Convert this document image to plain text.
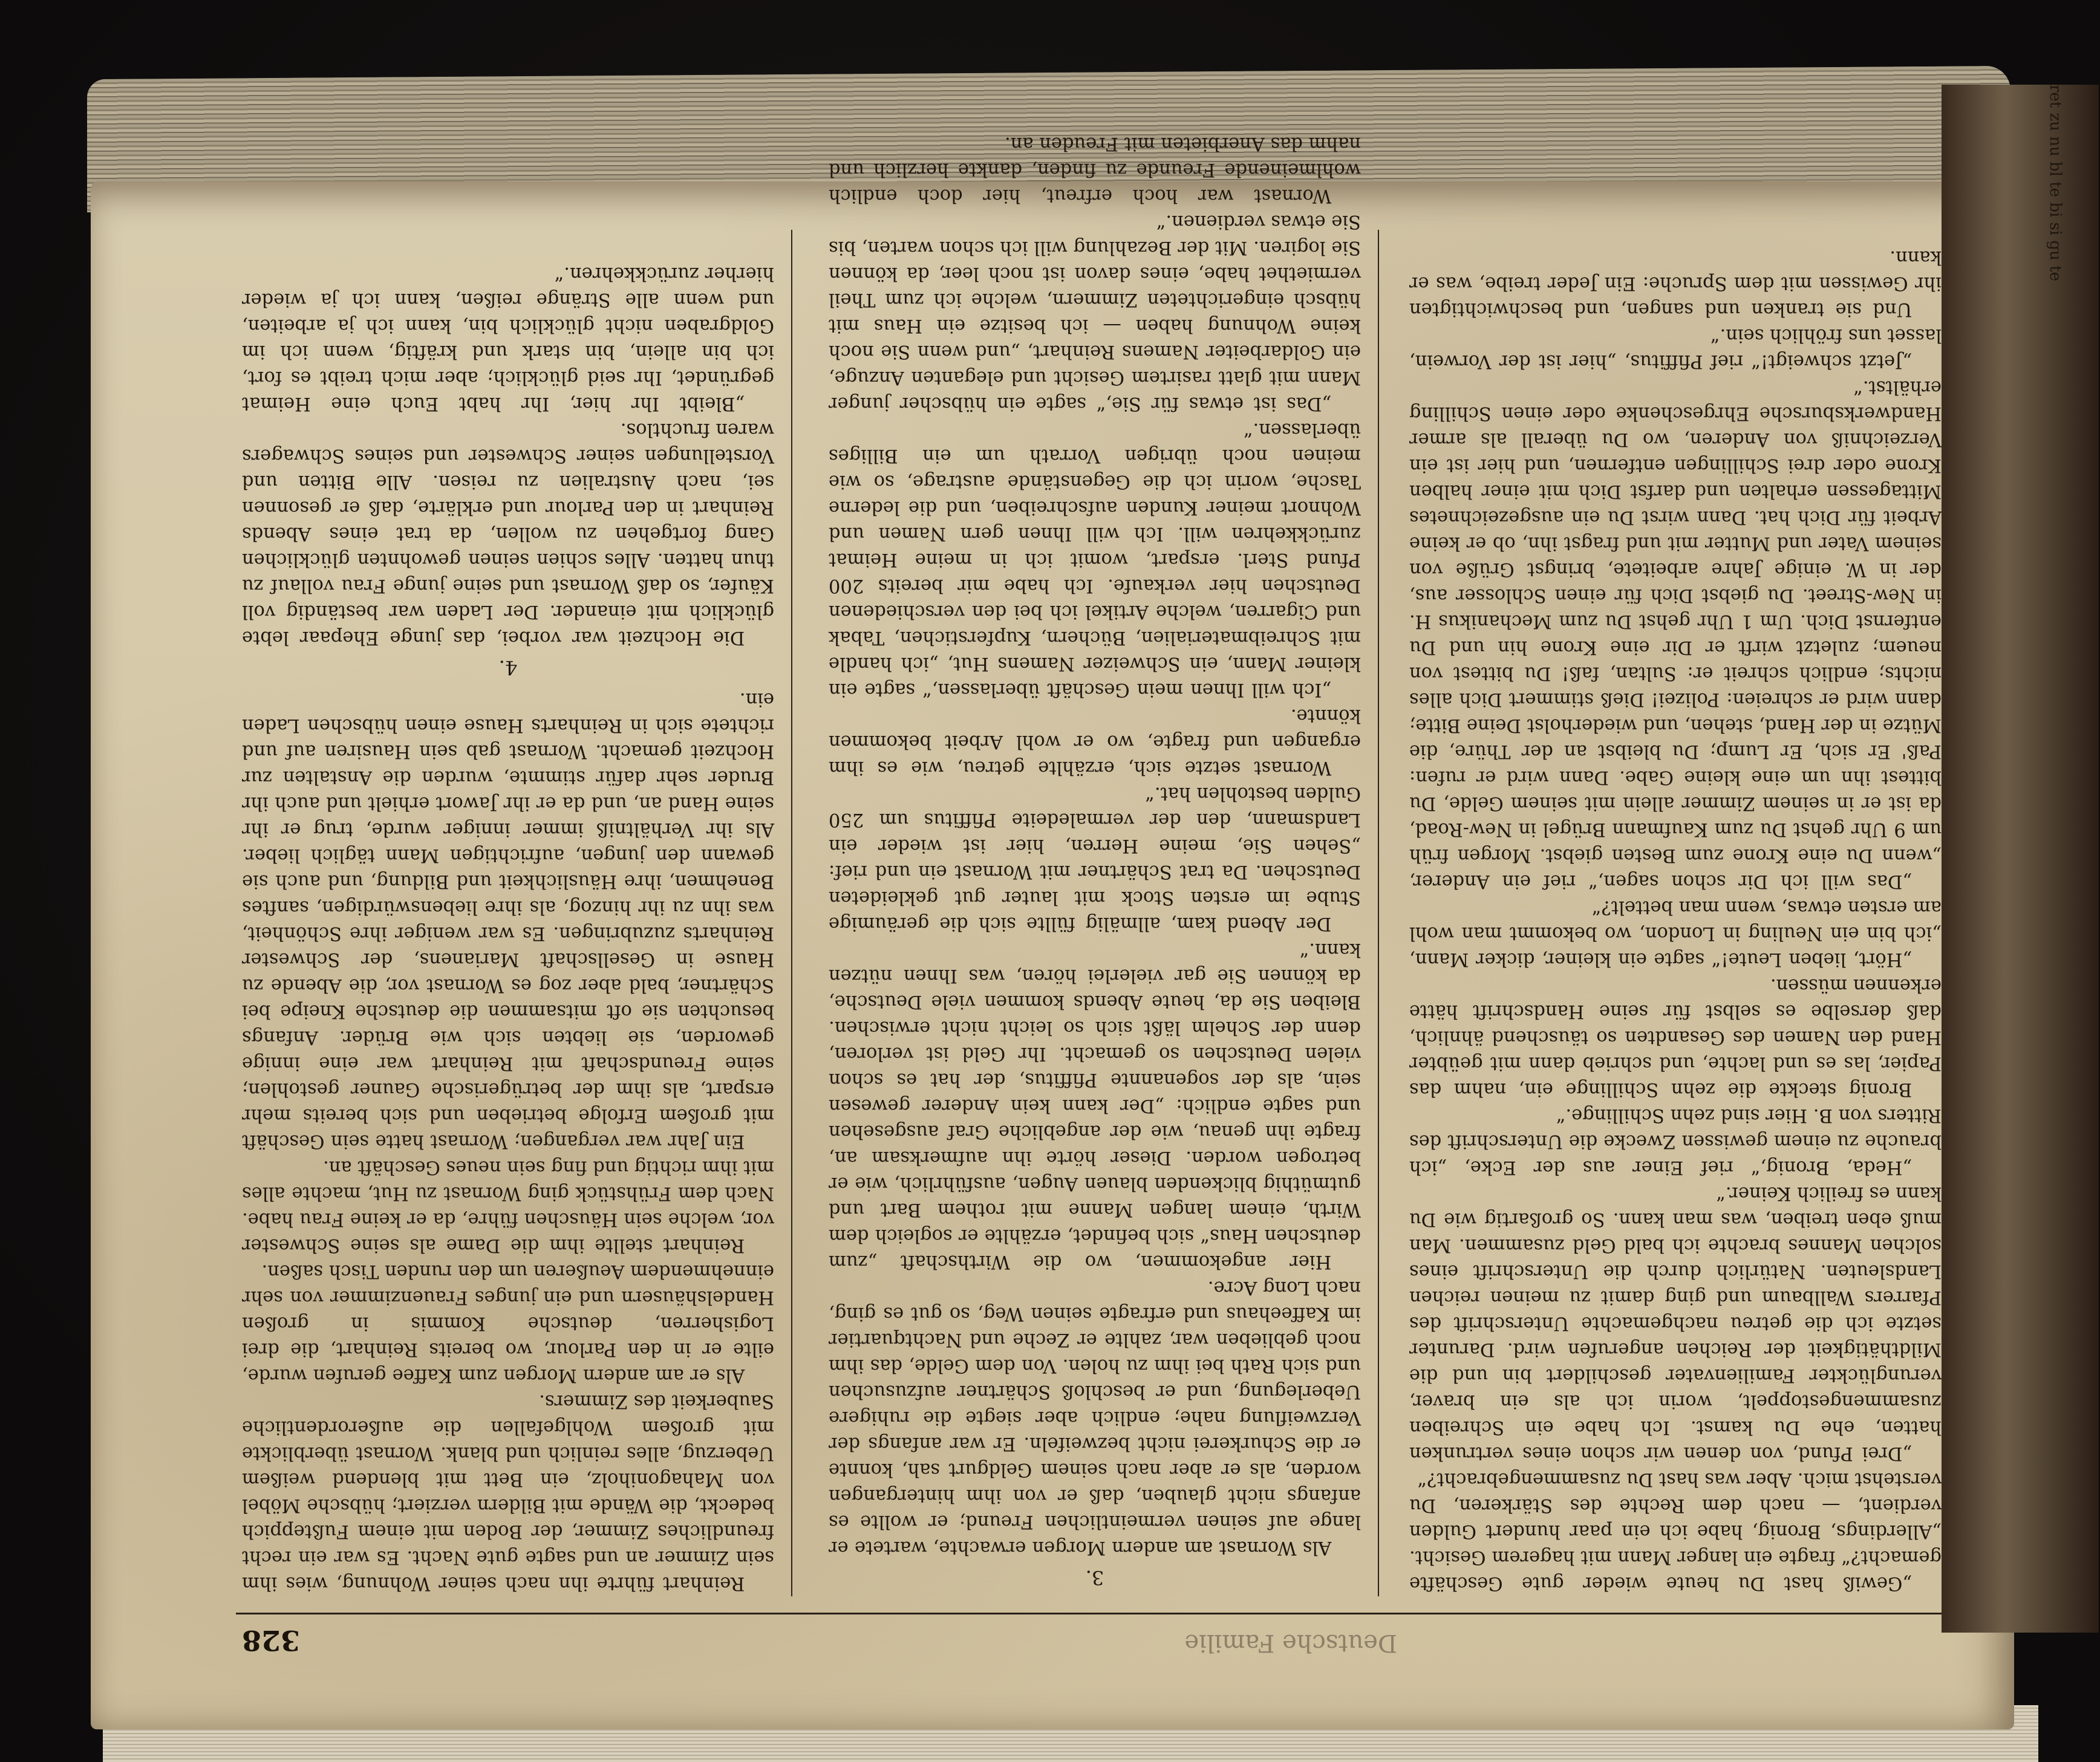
328	Deutsche Familie

„Gewiß hast Du heute wieder gute Geschäfte gemacht?“ fragte ein langer Mann mit hagerem Gesicht. „Allerdings, Bronig, habe ich ein paar hundert Gulden verdient, — nach dem Rechte des Stärkeren, Du verstehst mich. Aber was hast Du zusammengebracht?“

„Drei Pfund, von denen wir schon eines vertrunken hatten, ehe Du kamst. Ich habe ein Schreiben zusammengestoppelt, worin ich als ein braver, verunglückter Familienvater geschildert bin und die Mildthätigkeit der Reichen angerufen wird. Darunter setzte ich die getreu nachgemachte Unterschrift des Pfarrers Wallbaum und ging damit zu meinen reichen Landsleuten. Natürlich durch die Unterschrift eines solchen Mannes brachte ich bald Geld zusammen. Man muß eben treiben, was man kann. So großartig wie Du kann es freilich Keiner.“

„Heda, Bronig,“ rief Einer aus der Ecke, „ich brauche zu einem gewissen Zwecke die Unterschrift des Ritters von B. Hier sind zehn Schillinge.“

Bronig steckte die zehn Schillinge ein, nahm das Papier, las es und lachte, und schrieb dann mit geübter Hand den Namen des Gesandten so täuschend ähnlich, daß derselbe es selbst für seine Handschrift hätte erkennen müssen.

„Hört, lieben Leute!“ sagte ein kleiner, dicker Mann, „ich bin ein Neuling in London, wo bekommt man wohl am ersten etwas, wenn man bettelt?“

„Das will ich Dir schon sagen,“ rief ein Anderer, „wenn Du eine Krone zum Besten giebst. Morgen früh um 9 Uhr gehst Du zum Kaufmann Brügel in New-Road, da ist er in seinem Zimmer allein mit seinem Gelde, Du bittest ihn um eine kleine Gabe. Dann wird er rufen: Paß' Er sich, Er Lump; Du bleibst an der Thüre, die Mütze in der Hand, stehen, und wiederholst Deine Bitte; dann wird er schreien: Polizei! Dieß stimmert Dich alles nichts; endlich schreit er: Sultan, faß! Du bittest von neuem; zuletzt wirft er Dir eine Krone hin und Du entfernst Dich. Um 1 Uhr gehst Du zum Mechanikus H. in New-Street. Du giebst Dich für einen Schlosser aus, der in W. einige Jahre arbeitete, bringst Grüße von seinem Vater und Mutter mit und fragst ihn, ob er keine Arbeit für Dich hat. Dann wirst Du ein ausgezeichnetes Mittagessen erhalten und darfst Dich mit einer halben Krone oder drei Schillingen entfernen, und hier ist ein Verzeichniß von Anderen, wo Du überall als armer Handwerksbursche Ehrgeschenke oder einen Schilling erhältst.“

„Jetzt schweigt!“ rief Pfiffitus, „hier ist der Vorwein, lasset uns fröhlich sein.“

Und sie tranken und sangen, und beschwichtigten ihr Gewissen mit dem Spruche: Ein Jeder treibe, was er kann.

3.

Als Wornast am andern Morgen erwachte, wartete er lange auf seinen vermeintlichen Freund; er wollte es anfangs nicht glauben, daß er von ihm hintergangen worden, als er aber nach seinem Geldgurt sah, konnte er die Schurkerei nicht bezweifeln. Er war anfangs der Verzweiflung nahe; endlich aber siegte die ruhigere Ueberlegung, und er beschloß Schärtner aufzusuchen und sich Rath bei ihm zu holen. Von dem Gelde, das ihm noch geblieben war, zahlte er Zeche und Nachtquartier im Kaffeehaus und erfragte seinen Weg, so gut es ging, nach Long Acre.

Hier angekommen, wo die Wirthschaft „zum deutschen Haus“ sich befindet, erzählte er sogleich dem Wirth, einem langen Manne mit rothem Bart und gutmüthig blickenden blauen Augen, ausführlich, wie er betrogen worden. Dieser hörte ihn aufmerksam an, fragte ihn genau, wie der angebliche Graf ausgesehen und sagte endlich: „Der kann kein Anderer gewesen sein, als der sogenannte Pfiffitus, der hat es schon vielen Deutschen so gemacht. Ihr Geld ist verloren, denn der Schelm läßt sich so leicht nicht erwischen. Bleiben Sie da, heute Abends kommen viele Deutsche, da können Sie gar vielerlei hören, was Ihnen nützen kann.“

Der Abend kam, allmälig füllte sich die geräumige Stube im ersten Stock mit lauter gut gekleideten Deutschen. Da trat Schärtner mit Wornast ein und rief: „Sehen Sie, meine Herren, hier ist wieder ein Landsmann, den der vermaledeite Pfiffitus um 250 Gulden bestohlen hat.“

Wornast setzte sich, erzählte getreu, wie es ihm ergangen und fragte, wo er wohl Arbeit bekommen könnte.

„Ich will Ihnen mein Geschäft überlassen,“ sagte ein kleiner Mann, ein Schweizer Namens Hut, „ich handle mit Schreibmaterialien, Büchern, Kupferstichen, Tabak und Cigarren, welche Artikel ich bei den verschiedenen Deutschen hier verkaufe. Ich habe mir bereits 200 Pfund Sterl. erspart, womit ich in meine Heimat zurückkehren will. Ich will Ihnen gern Namen und Wohnort meiner Kunden aufschreiben, und die lederne Tasche, worin ich die Gegenstände austrage, so wie meinen noch übrigen Vorrath um ein Billiges überlassen.“

„Das ist etwas für Sie,“ sagte ein hübscher junger Mann mit glatt rasirtem Gesicht und eleganten Anzuge, ein Goldarbeiter Namens Reinhart, „und wenn Sie noch keine Wohnung haben — ich besitze ein Haus mit hübsch eingerichteten Zimmern, welche ich zum Theil vermiethet habe, eines davon ist noch leer, da können Sie logiren. Mit der Bezahlung will ich schon warten, bis Sie etwas verdienen.“

Wornast war hoch erfreut, hier doch endlich wohlmeinende Freunde zu finden, dankte herzlich und nahm das Anerbieten mit Freuden an.

Reinhart führte ihn nach seiner Wohnung, wies ihm sein Zimmer an und sagte gute Nacht. Es war ein recht freundliches Zimmer, der Boden mit einem Fußteppich bedeckt, die Wände mit Bildern verziert; hübsche Möbel von Mahagoniholz, ein Bett mit blendend weißem Ueberzug, alles reinlich und blank. Wornast überblickte mit großem Wohlgefallen die außerordentliche Sauberkeit des Zimmers.

Als er am andern Morgen zum Kaffee gerufen wurde, eilte er in den Parlour, wo bereits Reinhart, die drei Logisherren, deutsche Kommis in großen Handelshäusern und ein junges Frauenzimmer von sehr einnehmendem Aeußeren um den runden Tisch saßen.

Reinhart stellte ihm die Dame als seine Schwester vor, welche sein Häuschen führe, da er keine Frau habe. Nach dem Frühstück ging Wornast zu Hut, machte alles mit ihm richtig und fing sein neues Geschäft an.

Ein Jahr war vergangen; Wornast hatte sein Geschäft mit großem Erfolge betrieben und sich bereits mehr erspart, als ihm der betrügerische Gauner gestohlen; seine Freundschaft mit Reinhart war eine innige geworden, sie liebten sich wie Brüder. Anfangs besuchten sie oft mitsammen die deutsche Kneipe bei Schärtner, bald aber zog es Wornast vor, die Abende zu Hause in Gesellschaft Marianens, der Schwester Reinharts zuzubringen. Es war weniger ihre Schönheit, was ihn zu ihr hinzog, als ihre liebenswürdigen, sanftes Benehmen, ihre Häuslichkeit und Bildung, und auch sie gewann den jungen, aufrichtigen Mann täglich lieber. Als ihr Verhältniß immer inniger wurde, trug er ihr seine Hand an, und da er ihr Jawort erhielt und auch ihr Bruder sehr dafür stimmte, wurden die Anstalten zur Hochzeit gemacht. Wornast gab sein Hausiren auf und richtete sich in Reinharts Hause einen hübschen Laden ein.

4.

Die Hochzeit war vorbei, das junge Ehepaar lebte glücklich mit einander. Der Laden war beständig voll Käufer, so daß Wornast und seine junge Frau vollauf zu thun hatten. Alles schien seinen gewohnten glücklichen Gang fortgehen zu wollen, da trat eines Abends Reinhart in den Parlour und erklärte, daß er gesonnen sei, nach Australien zu reisen. Alle Bitten und Vorstellungen seiner Schwester und seines Schwagers waren fruchtlos.

„Bleibt Ihr hier, Ihr habt Euch eine Heimat gegründet, Ihr seid glücklich; aber mich treibt es fort, ich bin allein, bin stark und kräftig, wenn ich im Goldgraben nicht glücklich bin, kann ich ja arbeiten, und wenn alle Stränge reißen, kann ich ja wieder hierher zurückkehren.“	ret zu nu bl te bi si gu te
